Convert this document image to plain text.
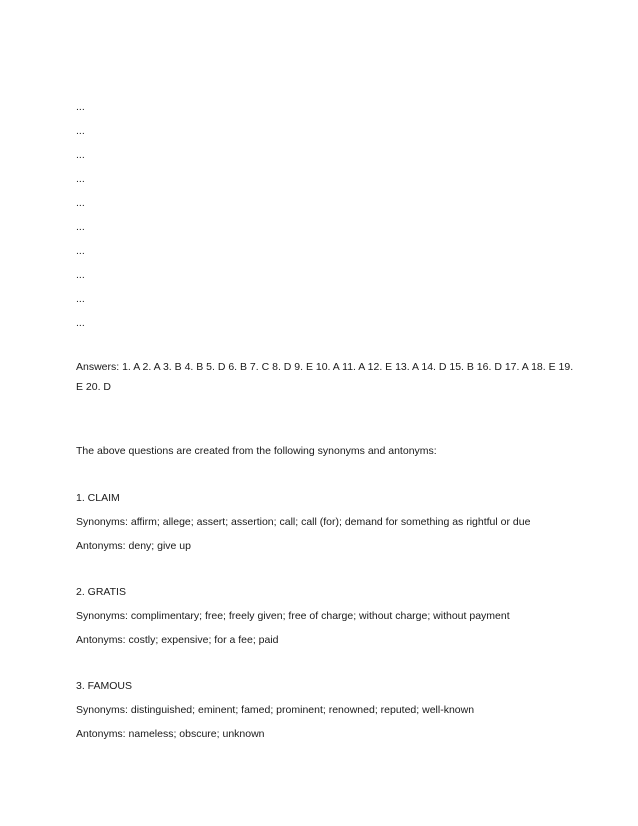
...
...
...
...
...
...
...
...
...
...
Answers: 1. A 2. A 3. B 4. B 5. D 6. B 7. C 8. D 9. E 10. A 11. A 12. E 13. A 14. D 15. B 16. D 17. A 18. E 19. E 20. D
The above questions are created from the following synonyms and antonyms:
1. CLAIM
Synonyms: affirm; allege; assert; assertion; call; call (for); demand for something as rightful or due
Antonyms: deny; give up
2. GRATIS
Synonyms: complimentary; free; freely given; free of charge; without charge; without payment
Antonyms: costly; expensive; for a fee; paid
3. FAMOUS
Synonyms: distinguished; eminent; famed; prominent; renowned; reputed; well-known
Antonyms: nameless; obscure; unknown
